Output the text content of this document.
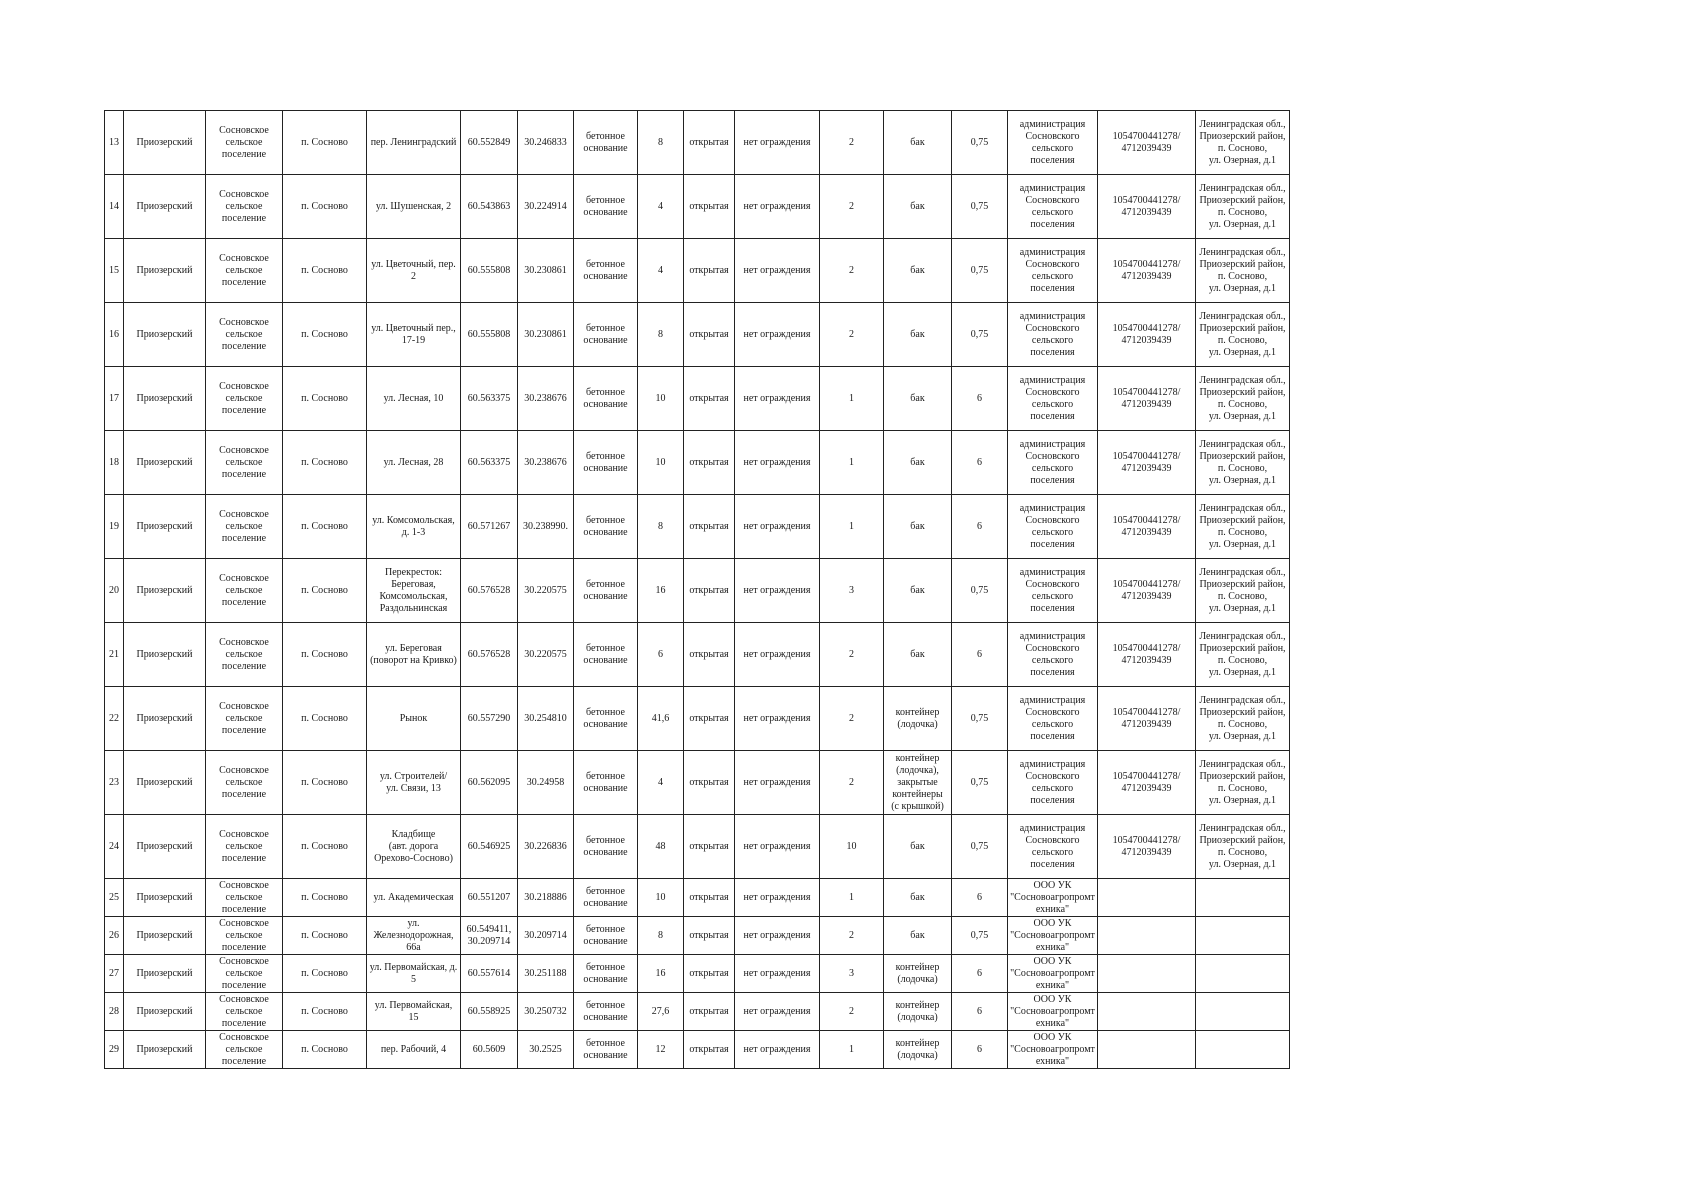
13	Приозерский	Сосновское
сельское
поселение	п. Сосново	пер. Ленинградский	60.552849	30.246833	бетонное
основание	8	открытая	нет ограждения	2	бак	0,75	администрация
Сосновского
сельского
поселения	1054700441278/
4712039439	Ленинградская обл.,
Приозерский район,
п. Сосново,
ул. Озерная, д.1
14	Приозерский	Сосновское
сельское
поселение	п. Сосново	ул. Шушенская, 2	60.543863	30.224914	бетонное
основание	4	открытая	нет ограждения	2	бак	0,75	администрация
Сосновского
сельского
поселения	1054700441278/
4712039439	Ленинградская обл.,
Приозерский район,
п. Сосново,
ул. Озерная, д.1
15	Приозерский	Сосновское
сельское
поселение	п. Сосново	ул. Цветочный, пер.
2	60.555808	30.230861	бетонное
основание	4	открытая	нет ограждения	2	бак	0,75	администрация
Сосновского
сельского
поселения	1054700441278/
4712039439	Ленинградская обл.,
Приозерский район,
п. Сосново,
ул. Озерная, д.1
16	Приозерский	Сосновское
сельское
поселение	п. Сосново	ул. Цветочный пер.,
17-19	60.555808	30.230861	бетонное
основание	8	открытая	нет ограждения	2	бак	0,75	администрация
Сосновского
сельского
поселения	1054700441278/
4712039439	Ленинградская обл.,
Приозерский район,
п. Сосново,
ул. Озерная, д.1
17	Приозерский	Сосновское
сельское
поселение	п. Сосново	ул. Лесная, 10	60.563375	30.238676	бетонное
основание	10	открытая	нет ограждения	1	бак	6	администрация
Сосновского
сельского
поселения	1054700441278/
4712039439	Ленинградская обл.,
Приозерский район,
п. Сосново,
ул. Озерная, д.1
18	Приозерский	Сосновское
сельское
поселение	п. Сосново	ул. Лесная, 28	60.563375	30.238676	бетонное
основание	10	открытая	нет ограждения	1	бак	6	администрация
Сосновского
сельского
поселения	1054700441278/
4712039439	Ленинградская обл.,
Приозерский район,
п. Сосново,
ул. Озерная, д.1
19	Приозерский	Сосновское
сельское
поселение	п. Сосново	ул. Комсомольская,
д. 1-3	60.571267	30.238990.	бетонное
основание	8	открытая	нет ограждения	1	бак	6	администрация
Сосновского
сельского
поселения	1054700441278/
4712039439	Ленинградская обл.,
Приозерский район,
п. Сосново,
ул. Озерная, д.1
20	Приозерский	Сосновское
сельское
поселение	п. Сосново	Перекресток:
Береговая,
Комсомольская,
Раздольнинская	60.576528	30.220575	бетонное
основание	16	открытая	нет ограждения	3	бак	0,75	администрация
Сосновского
сельского
поселения	1054700441278/
4712039439	Ленинградская обл.,
Приозерский район,
п. Сосново,
ул. Озерная, д.1
21	Приозерский	Сосновское
сельское
поселение	п. Сосново	ул. Береговая
(поворот на Кривко)	60.576528	30.220575	бетонное
основание	6	открытая	нет ограждения	2	бак	6	администрация
Сосновского
сельского
поселения	1054700441278/
4712039439	Ленинградская обл.,
Приозерский район,
п. Сосново,
ул. Озерная, д.1
22	Приозерский	Сосновское
сельское
поселение	п. Сосново	Рынок	60.557290	30.254810	бетонное
основание	41,6	открытая	нет ограждения	2	контейнер
(лодочка)	0,75	администрация
Сосновского
сельского
поселения	1054700441278/
4712039439	Ленинградская обл.,
Приозерский район,
п. Сосново,
ул. Озерная, д.1
23	Приозерский	Сосновское
сельское
поселение	п. Сосново	ул. Строителей/
ул. Связи, 13	60.562095	30.24958	бетонное
основание	4	открытая	нет ограждения	2	контейнер
(лодочка),
закрытые
контейнеры
(с крышкой)	0,75	администрация
Сосновского
сельского
поселения	1054700441278/
4712039439	Ленинградская обл.,
Приозерский район,
п. Сосново,
ул. Озерная, д.1
24	Приозерский	Сосновское
сельское
поселение	п. Сосново	Кладбище
(авт. дорога
Орехово-Сосново)	60.546925	30.226836	бетонное
основание	48	открытая	нет ограждения	10	бак	0,75	администрация
Сосновского
сельского
поселения	1054700441278/
4712039439	Ленинградская обл.,
Приозерский район,
п. Сосново,
ул. Озерная, д.1
25	Приозерский	Сосновское
сельское
поселение	п. Сосново	ул. Академическая	60.551207	30.218886	бетонное
основание	10	открытая	нет ограждения	1	бак	6	ООО УК
"Сосновоагропромт
ехника"		
26	Приозерский	Сосновское
сельское
поселение	п. Сосново	ул.
Железнодорожная,
66а	60.549411,
30.209714	30.209714	бетонное
основание	8	открытая	нет ограждения	2	бак	0,75	ООО УК
"Сосновоагропромт
ехника"		
27	Приозерский	Сосновское
сельское
поселение	п. Сосново	ул. Первомайская, д.
5	60.557614	30.251188	бетонное
основание	16	открытая	нет ограждения	3	контейнер
(лодочка)	6	ООО УК
"Сосновоагропромт
ехника"		
28	Приозерский	Сосновское
сельское
поселение	п. Сосново	ул. Первомайская,
15	60.558925	30.250732	бетонное
основание	27,6	открытая	нет ограждения	2	контейнер
(лодочка)	6	ООО УК
"Сосновоагропромт
ехника"		
29	Приозерский	Сосновское
сельское
поселение	п. Сосново	пер. Рабочий, 4	60.5609	30.2525	бетонное
основание	12	открытая	нет ограждения	1	контейнер
(лодочка)	6	ООО УК
"Сосновоагропромт
ехника"		
